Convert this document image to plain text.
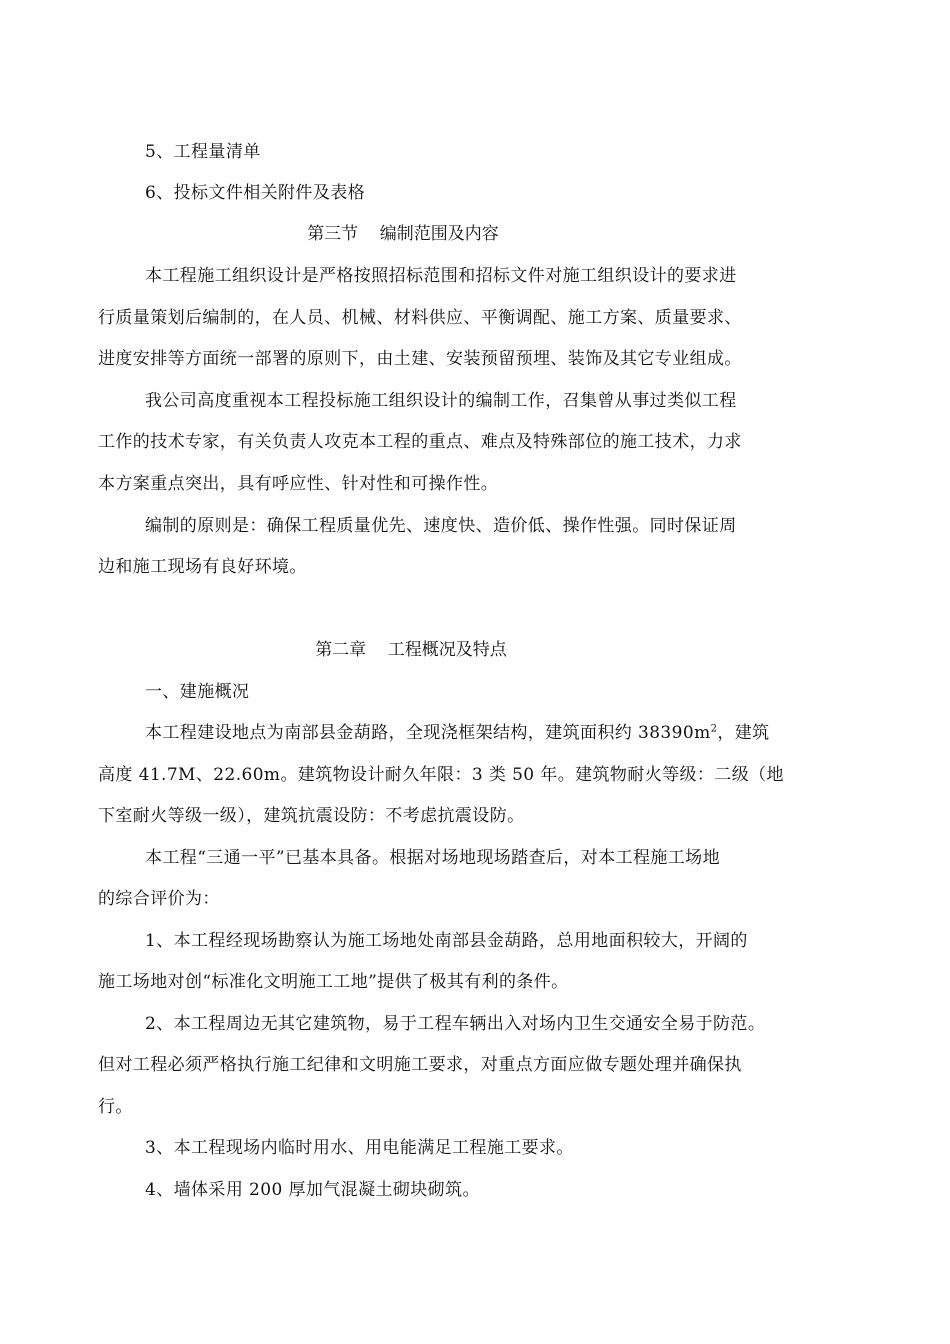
5、工程量清单
6、投标文件相关附件及表格
第三节    编制范围及内容
本工程施工组织设计是严格按照招标范围和招标文件对施工组织设计的要求进
行质量策划后编制的，在人员、机械、材料供应、平衡调配、施工方案、质量要求、
进度安排等方面统一部署的原则下，由土建、安装预留预埋、装饰及其它专业组成。
我公司高度重视本工程投标施工组织设计的编制工作，召集曾从事过类似工程
工作的技术专家，有关负责人攻克本工程的重点、难点及特殊部位的施工技术，力求
本方案重点突出，具有呼应性、针对性和可操作性。
编制的原则是：确保工程质量优先、速度快、造价低、操作性强。同时保证周
边和施工现场有良好环境。
第二章    工程概况及特点
一、建施概况
本工程建设地点为南部县金葫路，全现浇框架结构，建筑面积约 $38390m^2$，建筑
高度 41.7M、22.60m。建筑物设计耐久年限：3 类 50 年。建筑物耐火等级：二级（地
下室耐火等级一级），建筑抗震设防：不考虑抗震设防。
本工程“三通一平”已基本具备。根据对场地现场踏查后，对本工程施工场地
的综合评价为：
1、本工程经现场勘察认为施工场地处南部县金葫路，总用地面积较大，开阔的
施工场地对创“标准化文明施工工地”提供了极其有利的条件。
2、本工程周边无其它建筑物，易于工程车辆出入对场内卫生交通安全易于防范。
但对工程必须严格执行施工纪律和文明施工要求，对重点方面应做专题处理并确保执
行。
3、本工程现场内临时用水、用电能满足工程施工要求。
4、墙体采用 200 厚加气混凝土砌块砌筑。
